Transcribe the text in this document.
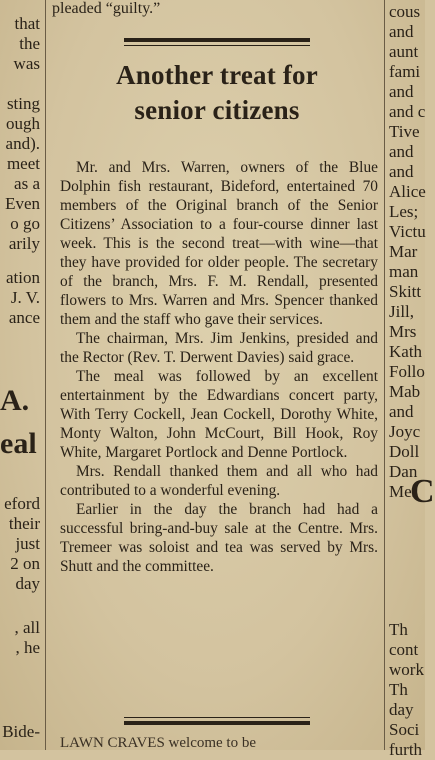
that
the
was
sting
ough
and).
meet
as a
Even
o go
arily
ation
J. V.
ance
A.
eal
eford
their
just
2 on
day
, all
, he
Bide-
cous
and
aunt
fami
and
and c
Tive
and
and
Alice
Les;
Victu
Mar
man
Skitt
Jill,
Mrs
Kath
Follo
Mab
and
Joyc
Doll
Dan
Mes
C
Th
cont
work
Th
day
Soci
furth
pleaded “guilty.”
Another treat for
senior citizens

Mr. and Mrs. Warren, owners of the Blue Dolphin fish restaurant, Bideford, entertained 70 members of the Original branch of the Senior Citizens’ Association to a four-course dinner last week. This is the second treat—with wine—that they have provided for older people. The secretary of the branch, Mrs. F. M. Rendall, presented flowers to Mrs. Warren and Mrs. Spencer thanked them and the staff who gave their services.

The chairman, Mrs. Jim Jenkins, presided and the Rector (Rev. T. Derwent Davies) said grace.

The meal was followed by an excellent entertainment by the Edwardians concert party, With Terry Cockell, Jean Cockell, Dorothy White, Monty Walton, John McCourt, Bill Hook, Roy White, Margaret Portlock and Denne Portlock.

Mrs. Rendall thanked them and all who had contributed to a wonderful evening.

Earlier in the day the branch had had a successful bring-and-buy sale at the Centre. Mrs. Tremeer was soloist and tea was served by Mrs. Shutt and the committee.

LAWN CRAVES welcome to be
